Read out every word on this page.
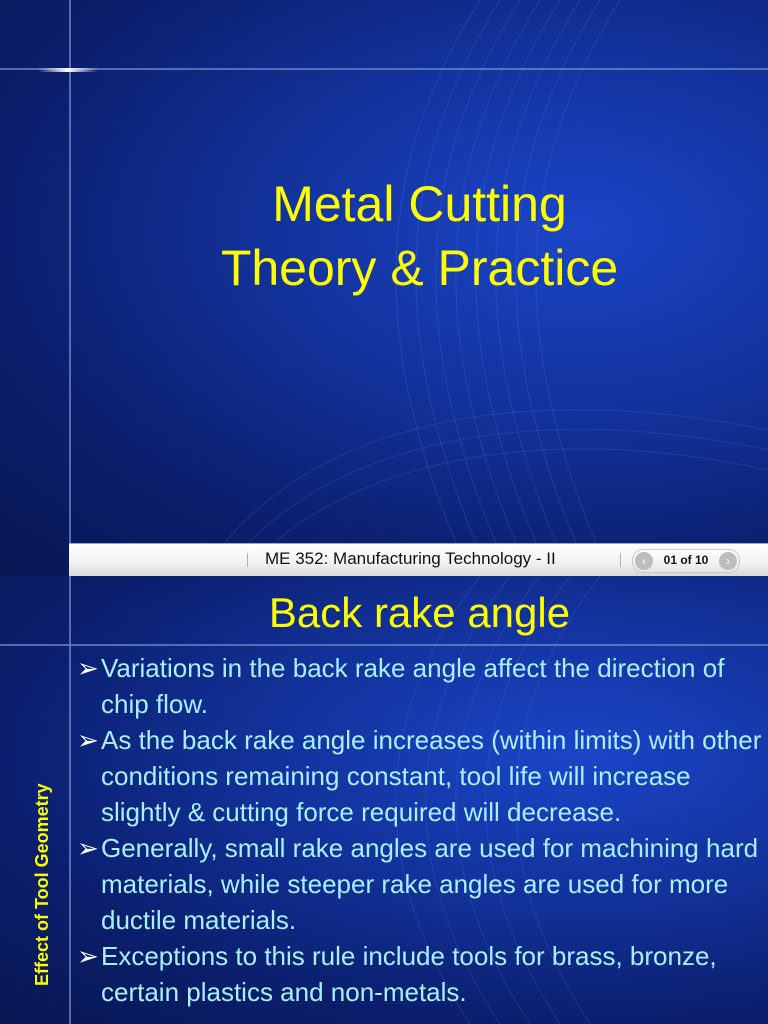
Metal Cutting
Theory & Practice
ME 352: Manufacturing Technology - II	‹	01 of 10	›
Back rake angle
Effect of Tool Geometry
➢ Variations in the back rake angle affect the direction of chip flow.
➢ As the back rake angle increases (within limits) with other conditions remaining constant, tool life will increase slightly & cutting force required will decrease.
➢ Generally, small rake angles are used for machining hard materials, while steeper rake angles are used for more ductile materials.
➢ Exceptions to this rule include tools for brass, bronze, certain plastics and non-metals.
